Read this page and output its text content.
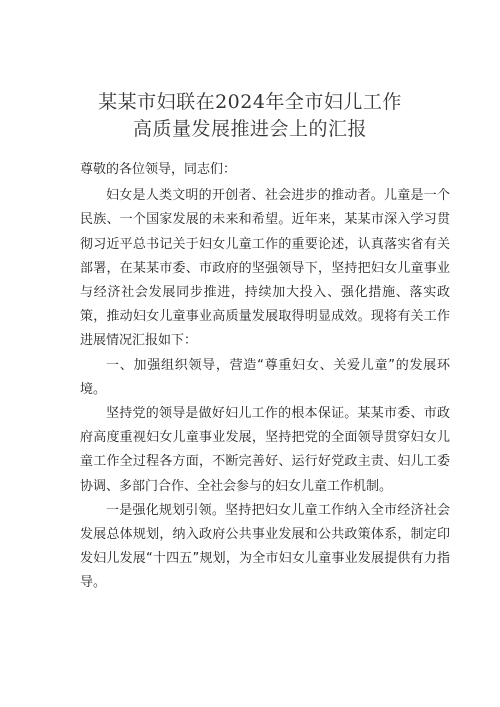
某某市妇联在2024年全市妇儿工作
高质量发展推进会上的汇报

尊敬的各位领导，同志们：

妇女是人类文明的开创者、社会进步的推动者。儿童是一个民族、一个国家发展的未来和希望。近年来，某某市深入学习贯彻习近平总书记关于妇女儿童工作的重要论述，认真落实省有关部署，在某某市委、市政府的坚强领导下，坚持把妇女儿童事业与经济社会发展同步推进，持续加大投入、强化措施、落实政策，推动妇女儿童事业高质量发展取得明显成效。现将有关工作进展情况汇报如下：

一、加强组织领导，营造“尊重妇女、关爱儿童”的发展环境。

坚持党的领导是做好妇儿工作的根本保证。某某市委、市政府高度重视妇女儿童事业发展，坚持把党的全面领导贯穿妇女儿童工作全过程各方面，不断完善好、运行好党政主责、妇儿工委协调、多部门合作、全社会参与的妇女儿童工作机制。

一是强化规划引领。坚持把妇女儿童工作纳入全市经济社会发展总体规划，纳入政府公共事业发展和公共政策体系，制定印发妇儿发展“十四五”规划，为全市妇女儿童事业发展提供有力指导。
